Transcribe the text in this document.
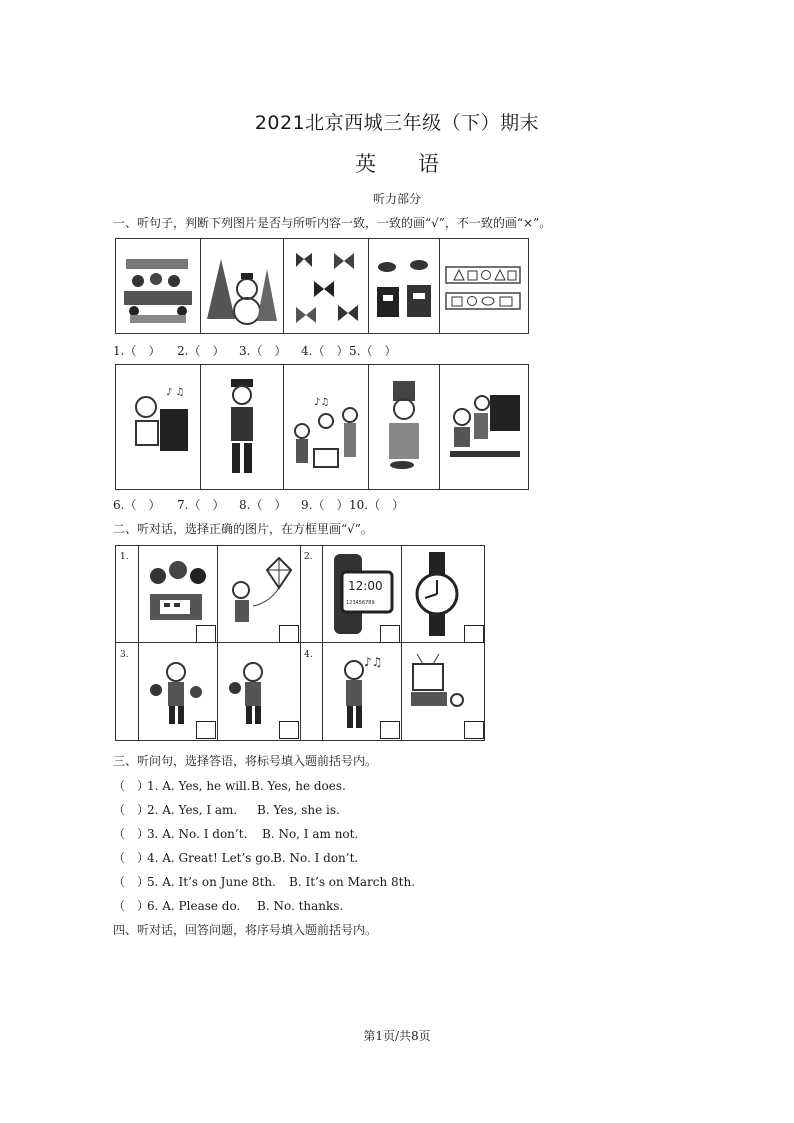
2021北京西城三年级（下）期末
英　　语
听力部分
一、听句子，判断下列图片是否与所听内容一致，一致的画“√”，不一致的画“×”。
1.（　） 2.（　） 3.（　） 4.（　）5.（　）
♪ ♫
♪♫
6.（　） 7.（　） 8.（　） 9.（　）10.（　）
二、听对话，选择正确的图片，在方框里画“√”。
1.	2.
3.	4.
12:00
123456789
♪♫
三、听问句，选择答语，将标号填入题前括号内。
（　）1. A. Yes, he will.B. Yes, he does.
（　）2. A. Yes, I am. B. Yes, she is.
（　）3. A. No. I don’t. B. No, I am not.
（　）4. A. Great! Let’s go.B. No. I don’t.
（　）5. A. It’s on June 8th. B. It’s on March 8th.
（　）6. A. Please do. B. No. thanks.
四、听对话，回答问题，将序号填入题前括号内。
第1页/共8页
